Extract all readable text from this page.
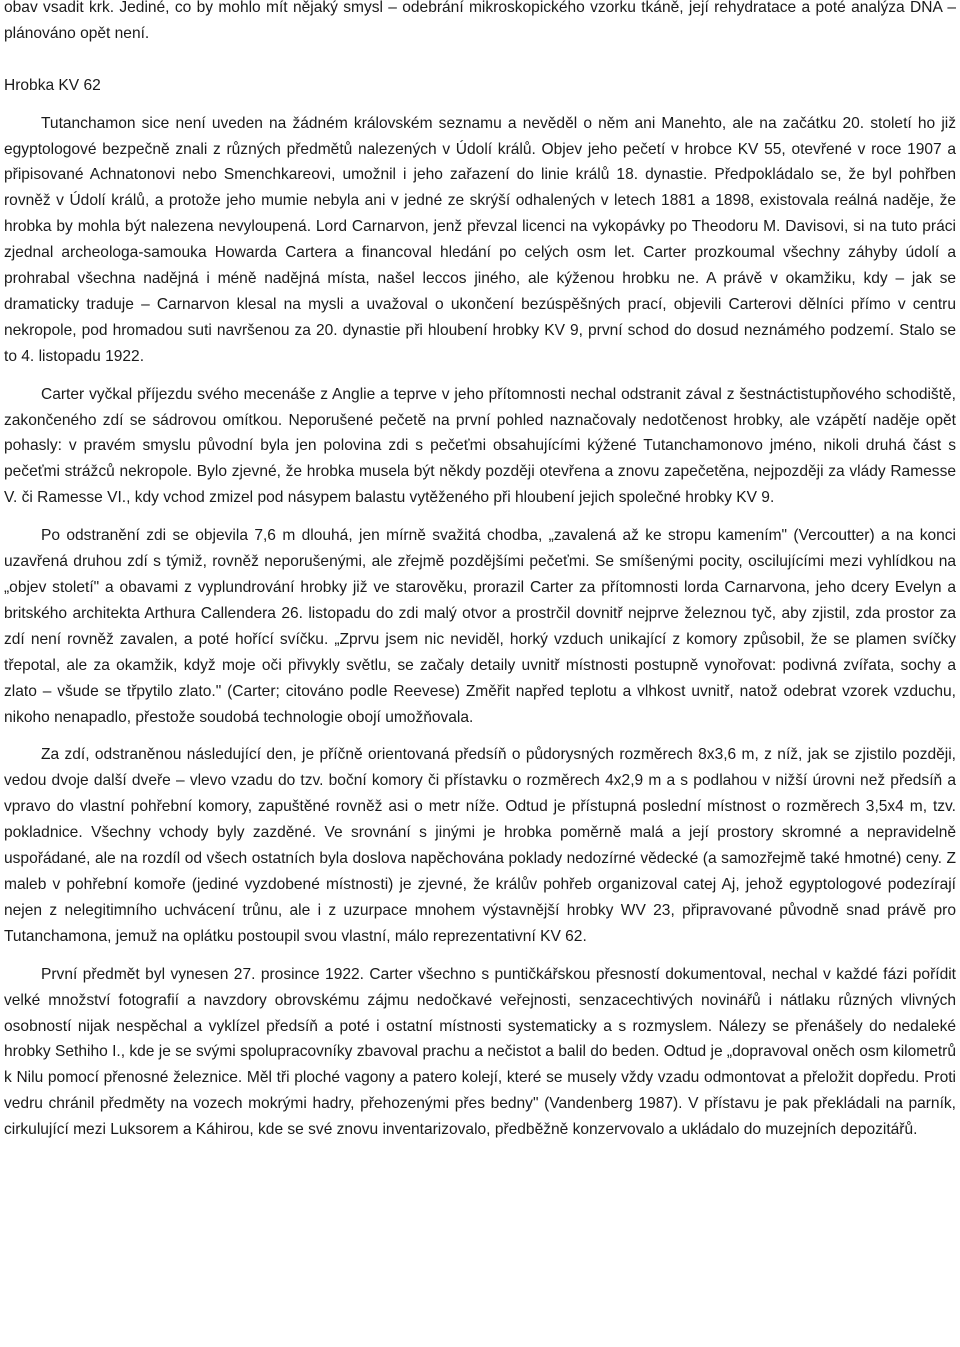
obav vsadit krk. Jediné, co by mohlo mít nějaký smysl – odebrání mikroskopického vzorku tkáně, její rehydratace a poté analýza DNA – plánováno opět není.

Hrobka KV 62

Tutanchamon sice není uveden na žádném královském seznamu a nevěděl o něm ani Manehto, ale na začátku 20. století ho již egyptologové bezpečně znali z různých předmětů nalezených v Údolí králů. Objev jeho pečetí v hrobce KV 55, otevřené v roce 1907 a připisované Achnatonovi nebo Smenchkareovi, umožnil i jeho zařazení do linie králů 18. dynastie. Předpokládalo se, že byl pohřben rovněž v Údolí králů, a protože jeho mumie nebyla ani v jedné ze skrýší odhalených v letech 1881 a 1898, existovala reálná naděje, že hrobka by mohla být nalezena nevyloupená. Lord Carnarvon, jenž převzal licenci na vykopávky po Theodoru M. Davisovi, si na tuto práci zjednal archeologa-samouka Howarda Cartera a financoval hledání po celých osm let. Carter prozkoumal všechny záhyby údolí a prohrabal všechna nadějná i méně nadějná místa, našel leccos jiného, ale kýženou hrobku ne. A právě v okamžiku, kdy – jak se dramaticky traduje – Carnarvon klesal na mysli a uvažoval o ukončení bezúspěšných prací, objevili Carterovi dělníci přímo v centru nekropole, pod hromadou suti navršenou za 20. dynastie při hloubení hrobky KV 9, první schod do dosud neznámého podzemí. Stalo se to 4. listopadu 1922.

Carter vyčkal příjezdu svého mecenáše z Anglie a teprve v jeho přítomnosti nechal odstranit zával z šestnáctistupňového schodiště, zakončeného zdí se sádrovou omítkou. Neporušené pečetě na první pohled naznačovaly nedotčenost hrobky, ale vzápětí naděje opět pohasly: v pravém smyslu původní byla jen polovina zdi s pečeťmi obsahujícími kýžené Tutanchamonovo jméno, nikoli druhá část s pečeťmi strážců nekropole. Bylo zjevné, že hrobka musela být někdy později otevřena a znovu zapečetěna, nejpozději za vlády Ramesse V. či Ramesse VI., kdy vchod zmizel pod násypem balastu vytěženého při hloubení jejich společné hrobky KV 9.

Po odstranění zdi se objevila 7,6 m dlouhá, jen mírně svažitá chodba, „zavalená až ke stropu kamením" (Vercoutter) a na konci uzavřená druhou zdí s týmiž, rovněž neporušenými, ale zřejmě pozdějšími pečeťmi. Se smíšenými pocity, oscilujícími mezi vyhlídkou na „objev století" a obavami z vyplundrování hrobky již ve starověku, prorazil Carter za přítomnosti lorda Carnarvona, jeho dcery Evelyn a britského architekta Arthura Callendera 26. listopadu do zdi malý otvor a prostrčil dovnitř nejprve železnou tyč, aby zjistil, zda prostor za zdí není rovněž zavalen, a poté hořící svíčku. „Zprvu jsem nic neviděl, horký vzduch unikající z komory způsobil, že se plamen svíčky třepotal, ale za okamžik, když moje oči přivykly světlu, se začaly detaily uvnitř místnosti postupně vynořovat: podivná zvířata, sochy a zlato – všude se třpytilo zlato." (Carter; citováno podle Reevese) Změřit napřed teplotu a vlhkost uvnitř, natož odebrat vzorek vzduchu, nikoho nenapadlo, přestože soudobá technologie obojí umožňovala.

Za zdí, odstraněnou následující den, je příčně orientovaná předsíň o půdorysných rozměrech 8x3,6 m, z níž, jak se zjistilo později, vedou dvoje další dveře – vlevo vzadu do tzv. boční komory či přístavku o rozměrech 4x2,9 m a s podlahou v nižší úrovni než předsíň a vpravo do vlastní pohřební komory, zapuštěné rovněž asi o metr níže. Odtud je přístupná poslední místnost o rozměrech 3,5x4 m, tzv. pokladnice. Všechny vchody byly zazděné. Ve srovnání s jinými je hrobka poměrně malá a její prostory skromné a nepravidelně uspořádané, ale na rozdíl od všech ostatních byla doslova napěchována poklady nedozírné vědecké (a samozřejmě také hmotné) ceny. Z maleb v pohřební komoře (jediné vyzdobené místnosti) je zjevné, že králův pohřeb organizoval catej Aj, jehož egyptologové podezírají nejen z nelegitimního uchvácení trůnu, ale i z uzurpace mnohem výstavnější hrobky WV 23, připravované původně snad právě pro Tutanchamona, jemuž na oplátku postoupil svou vlastní, málo reprezentativní KV 62.

První předmět byl vynesen 27. prosince 1922. Carter všechno s puntičkářskou přesností dokumentoval, nechal v každé fázi pořídit velké množství fotografií a navzdory obrovskému zájmu nedočkavé veřejnosti, senzacechtivých novinářů i nátlaku různých vlivných osobností nijak nespěchal a vyklízel předsíň a poté i ostatní místnosti systematicky a s rozmyslem. Nálezy se přenášely do nedaleké hrobky Sethiho I., kde je se svými spolupracovníky zbavoval prachu a nečistot a balil do beden. Odtud je „dopravoval oněch osm kilometrů k Nilu pomocí přenosné železnice. Měl tři ploché vagony a patero kolejí, které se musely vždy vzadu odmontovat a přeložit dopředu. Proti vedru chránil předměty na vozech mokrými hadry, přehozenými přes bedny" (Vandenberg 1987). V přístavu je pak překládali na parník, cirkulující mezi Luksorem a Káhirou, kde se své znovu inventarizovalo, předběžně konzervovalo a ukládalo do muzejních depozitářů.
